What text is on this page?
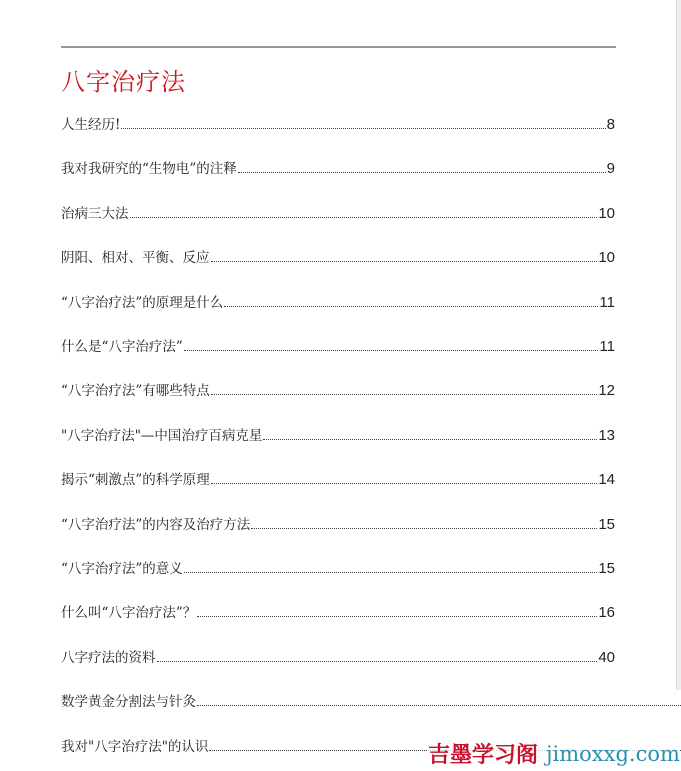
八字治疗法
人生经历!	8
我对我研究的“生物电”的注释	9
治病三大法	10
阴阳、相对、平衡、反应	10
“八字治疗法”的原理是什么	11
什么是“八字治疗法”	11
“八字治疗法”有哪些特点	12
"八字治疗法"—中国治疗百病克星	13
揭示“刺激点”的科学原理	14
“八字治疗法”的内容及治疗方法	15
“八字治疗法”的意义	15
什么叫“八字治疗法”？	16
八字疗法的资料	40
数学黄金分割法与针灸
我对"八字治疗法"的认识	吉墨学习阁 jimoxxg.com
